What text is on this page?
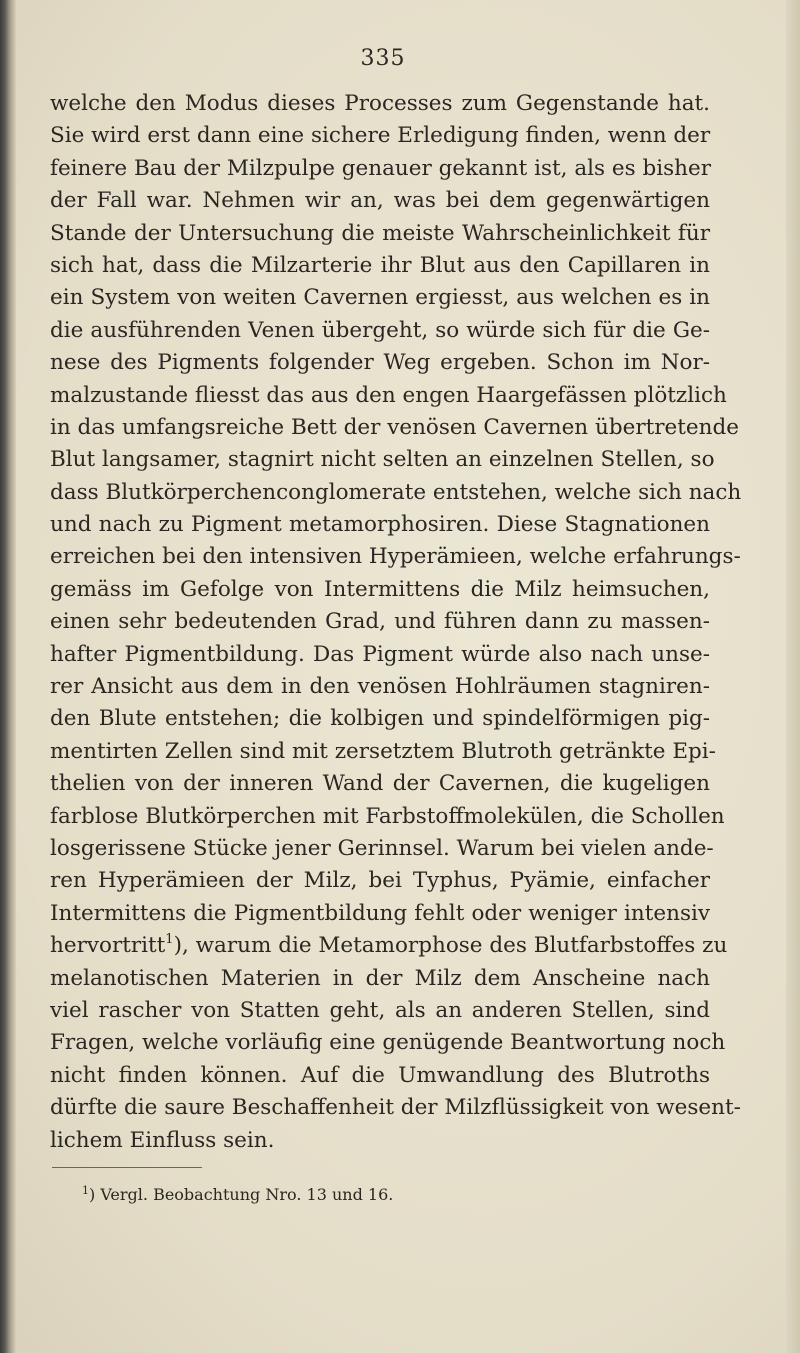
335
welche den Modus dieses Processes zum Gegenstande hat.
Sie wird erst dann eine sichere Erledigung finden, wenn der
feinere Bau der Milzpulpe genauer gekannt ist, als es bisher
der Fall war. Nehmen wir an, was bei dem gegenwärtigen
Stande der Untersuchung die meiste Wahrscheinlichkeit für
sich hat, dass die Milzarterie ihr Blut aus den Capillaren in
ein System von weiten Cavernen ergiesst, aus welchen es in
die ausführenden Venen übergeht, so würde sich für die Ge-
nese des Pigments folgender Weg ergeben. Schon im Nor-
malzustande fliesst das aus den engen Haargefässen plötzlich
in das umfangsreiche Bett der venösen Cavernen übertretende
Blut langsamer, stagnirt nicht selten an einzelnen Stellen, so
dass Blutkörperchenconglomerate entstehen, welche sich nach
und nach zu Pigment metamorphosiren. Diese Stagnationen
erreichen bei den intensiven Hyperämieen, welche erfahrungs-
gemäss im Gefolge von Intermittens die Milz heimsuchen,
einen sehr bedeutenden Grad, und führen dann zu massen-
hafter Pigmentbildung. Das Pigment würde also nach unse-
rer Ansicht aus dem in den venösen Hohlräumen stagniren-
den Blute entstehen; die kolbigen und spindelförmigen pig-
mentirten Zellen sind mit zersetztem Blutroth getränkte Epi-
thelien von der inneren Wand der Cavernen, die kugeligen
farblose Blutkörperchen mit Farbstoffmolekülen, die Schollen
losgerissene Stücke jener Gerinnsel. Warum bei vielen ande-
ren Hyperämieen der Milz, bei Typhus, Pyämie, einfacher
Intermittens die Pigmentbildung fehlt oder weniger intensiv
hervortritt$^1$), warum die Metamorphose des Blutfarbstoffes zu
melanotischen Materien in der Milz dem Anscheine nach
viel rascher von Statten geht, als an anderen Stellen, sind
Fragen, welche vorläufig eine genügende Beantwortung noch
nicht finden können. Auf die Umwandlung des Blutroths
dürfte die saure Beschaffenheit der Milzflüssigkeit von wesent-
lichem Einfluss sein.
$^1$) Vergl. Beobachtung Nro. 13 und 16.
